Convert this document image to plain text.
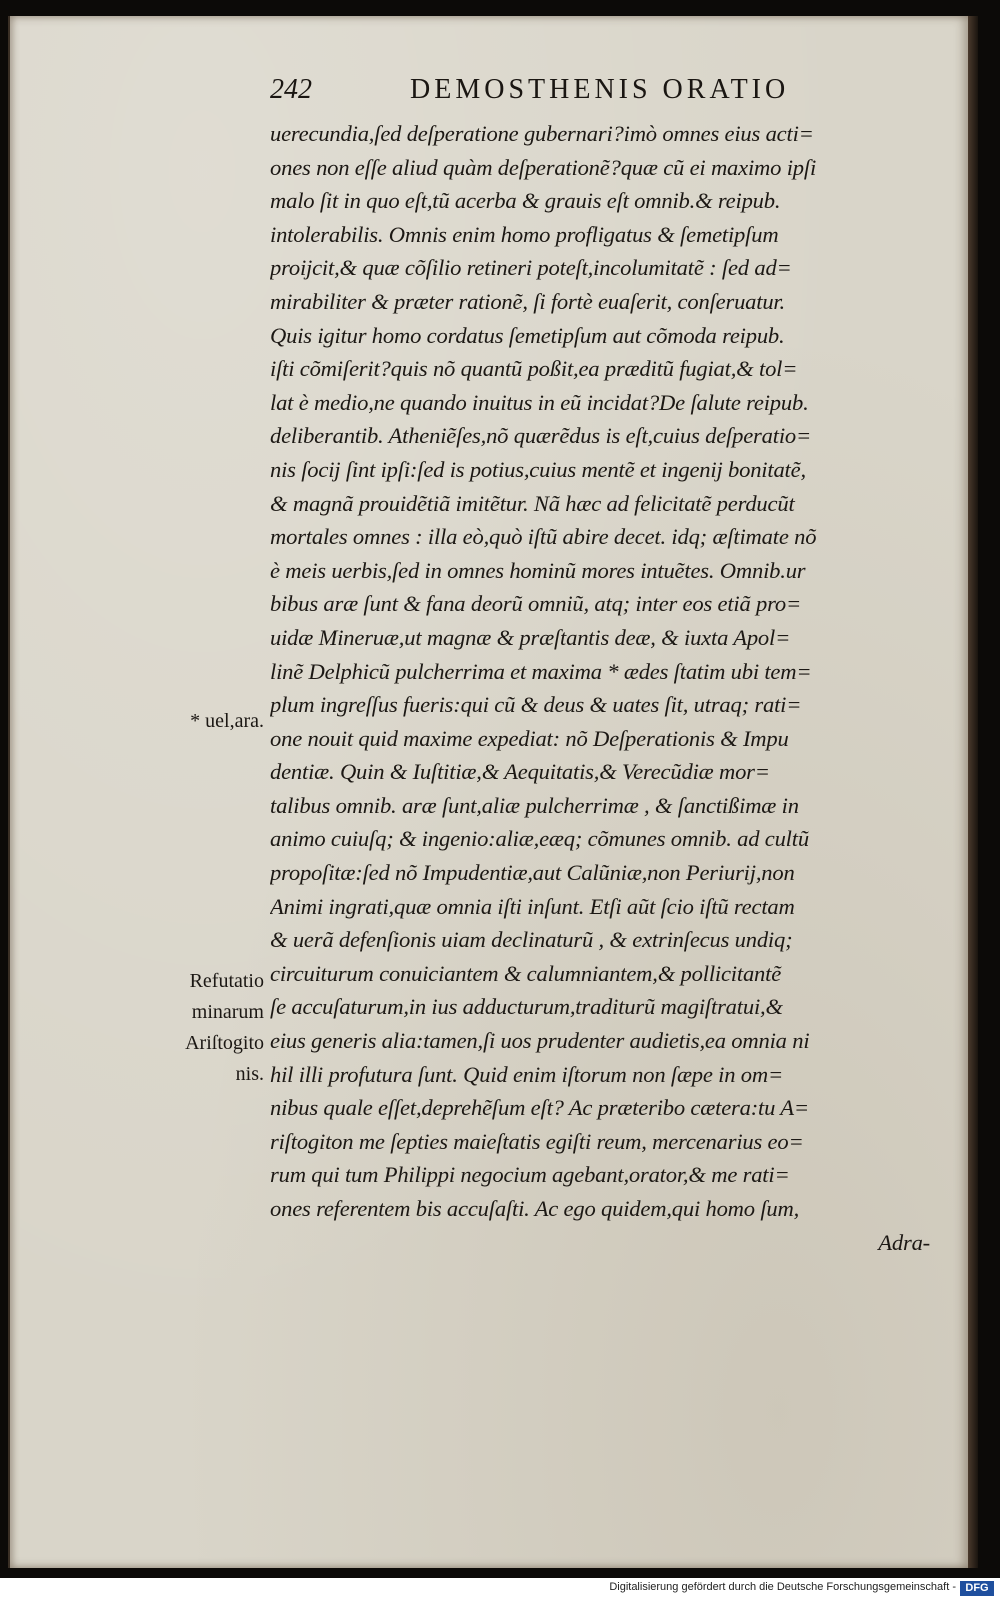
242	DEMOSTHENIS ORATIO
uerecundia,ſed deſperatione gubernari?imò omnes eius acti=
ones non eſſe aliud quàm deſperationẽ?quæ cũ ei maximo ipſi
malo ſit in quo eſt,tũ acerba & grauis eſt omnib.& reipub.
intolerabilis. Omnis enim homo profligatus & ſemetipſum
proijcit,& quæ cõſilio retineri poteſt,incolumitatẽ : ſed ad=
mirabiliter & præter rationẽ, ſi fortè euaſerit, conſeruatur.
Quis igitur homo cordatus ſemetipſum aut cõmoda reipub.
iſti cõmiſerit?quis nõ quantũ poßit,ea præditũ fugiat,& tol=
lat è medio,ne quando inuitus in eũ incidat?De ſalute reipub.
deliberantib. Atheniẽſes,nõ quærẽdus is eſt,cuius deſperatio=
nis ſocij ſint ipſi:ſed is potius,cuius mentẽ et ingenij bonitatẽ,
& magnã prouidẽtiã imitẽtur. Nã hæc ad felicitatẽ perducũt
mortales omnes : illa eò,quò iſtũ abire decet. idq; æſtimate nõ
è meis uerbis,ſed in omnes hominũ mores intuẽtes. Omnib.ur
bibus aræ ſunt & fana deorũ omniũ, atq; inter eos etiã pro=
uidæ Mineruæ,ut magnæ & præſtantis deæ, & iuxta Apol=
linẽ Delphicũ pulcherrima et maxima * ædes ſtatim ubi tem=
plum ingreſſus fueris:qui cũ & deus & uates ſit, utraq; rati=
one nouit quid maxime expediat: nõ Deſperationis & Impu
dentiæ. Quin & Iuſtitiæ,& Aequitatis,& Verecũdiæ mor=
talibus omnib. aræ ſunt,aliæ pulcherrimæ , & ſanctißimæ in
animo cuiuſq; & ingenio:aliæ,eæq; cõmunes omnib. ad cultũ
propoſitæ:ſed nõ Impudentiæ,aut Calũniæ,non Periurij,non
Animi ingrati,quæ omnia iſti inſunt. Etſi aũt ſcio iſtũ rectam
& uerã defenſionis uiam declinaturũ , & extrinſecus undiq;
circuiturum conuiciantem & calumniantem,& pollicitantẽ
ſe accuſaturum,in ius adducturum,traditurũ magiſtratui,&
eius generis alia:tamen,ſi uos prudenter audietis,ea omnia ni
hil illi profutura ſunt. Quid enim iſtorum non ſæpe in om=
nibus quale eſſet,deprehẽſum eſt? Ac præteribo cætera:tu A=
riſtogiton me ſepties maieſtatis egiſti reum, mercenarius eo=
rum qui tum Philippi negocium agebant,orator,& me rati=
ones referentem bis accuſaſti. Ac ego quidem,qui homo ſum,
Adra-
* uel,ara.
Refutatio
minarum
Ariſtogito
nis.
Digitalisierung gefördert durch die Deutsche Forschungsgemeinschaft - DFG
